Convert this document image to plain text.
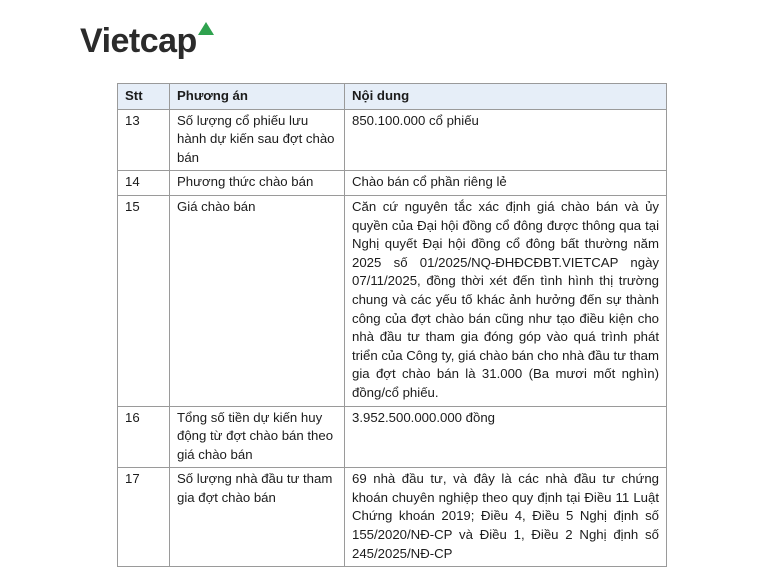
Vietcap
Stt	Phương án	Nội dung
13	Số lượng cổ phiếu lưu hành dự kiến sau đợt chào bán	850.100.000 cổ phiếu
14	Phương thức chào bán	Chào bán cổ phần riêng lẻ
15	Giá chào bán	Căn cứ nguyên tắc xác định giá chào bán và ủy quyền của Đại hội đồng cổ đông được thông qua tại Nghị quyết Đại hội đồng cổ đông bất thường năm 2025 số 01/2025/NQ-ĐHĐCĐBT.VIETCAP ngày 07/11/2025, đồng thời xét đến tình hình thị trường chung và các yếu tố khác ảnh hưởng đến sự thành công của đợt chào bán cũng như tạo điều kiện cho nhà đầu tư tham gia đóng góp vào quá trình phát triển của Công ty, giá chào bán cho nhà đầu tư tham gia đợt chào bán là 31.000 (Ba mươi mốt nghìn) đồng/cổ phiếu.
16	Tổng số tiền dự kiến huy động từ đợt chào bán theo giá chào bán	3.952.500.000.000 đồng
17	Số lượng nhà đầu tư tham gia đợt chào bán	69 nhà đầu tư, và đây là các nhà đầu tư chứng khoán chuyên nghiệp theo quy định tại Điều 11 Luật Chứng khoán 2019; Điều 4, Điều 5 Nghị định số 155/2020/NĐ-CP và Điều 1, Điều 2 Nghị định số 245/2025/NĐ-CP
